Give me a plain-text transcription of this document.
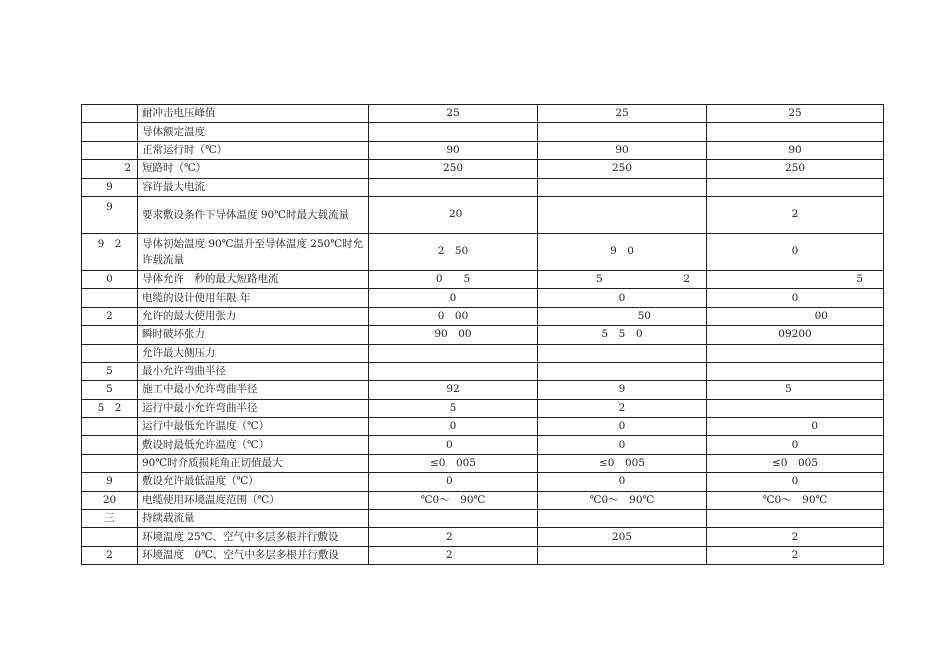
	耐冲击电压峰值	25	25	25
	导体额定温度			
	正常运行时（℃）	90	90	90
2	短路时（℃）	250	250	250
9	容许最大电流			
9	要求敷设条件下导体温度 90℃时最大载流量	20		2
9　2	导体初始温度 90℃温升至导体温度 250℃时允许载流量	2　50	9　0	0
0	导体允许　秒的最大短路电流	0　　5	5 2	5
	电缆的设计使用年限 年	0	0	0
2	允许的最大使用张力	0　00	50	00
	瞬时破坏张力	90　00	5　5　0	09200
	允许最大侧压力			
5	最小允许弯曲半径			
5	施工中最小允许弯曲半径	92	9	5
5　2	运行中最小允许弯曲半径	5	2	
	运行中最低允许温度（℃）	0	0	0
	敷设时最低允许温度（℃）	0	0	0
	90℃时介质损耗角正切值最大	≤0　005	≤0　005	≤0　005
9	敷设允许最低温度（℃）	0	0	0
20	电缆使用环境温度范围（℃）	℃0～　90℃	℃0～　90℃	℃0～　90℃
三	持续载流量			
	环境温度 25℃、空气中多层多根并行敷设	2	205	2
2	环境温度　0℃、空气中多层多根并行敷设	2		2
